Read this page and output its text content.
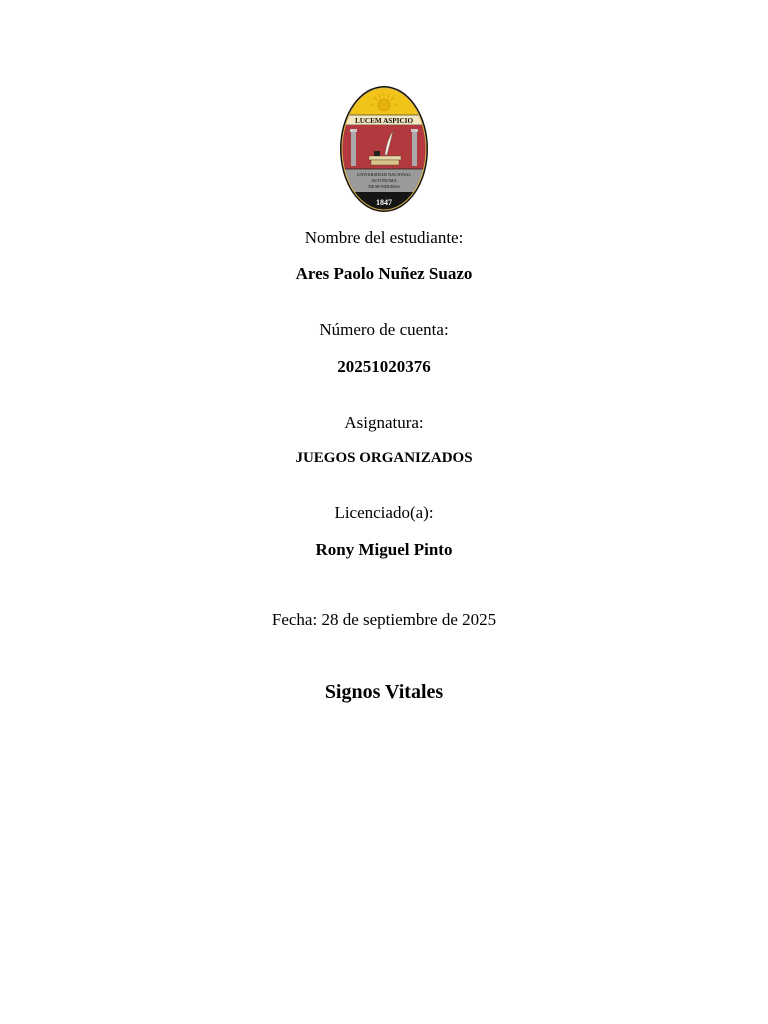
LUCEM ASPICIO
UNIVERSIDAD NACIONAL
AUTÓNOMA
DE HONDURAS
1847
Nombre del estudiante:
Ares Paolo Nuñez Suazo
Número de cuenta:
20251020376
Asignatura:
JUEGOS ORGANIZADOS
Licenciado(a):
Rony Miguel Pinto
Fecha: 28 de septiembre de 2025
Signos Vitales
